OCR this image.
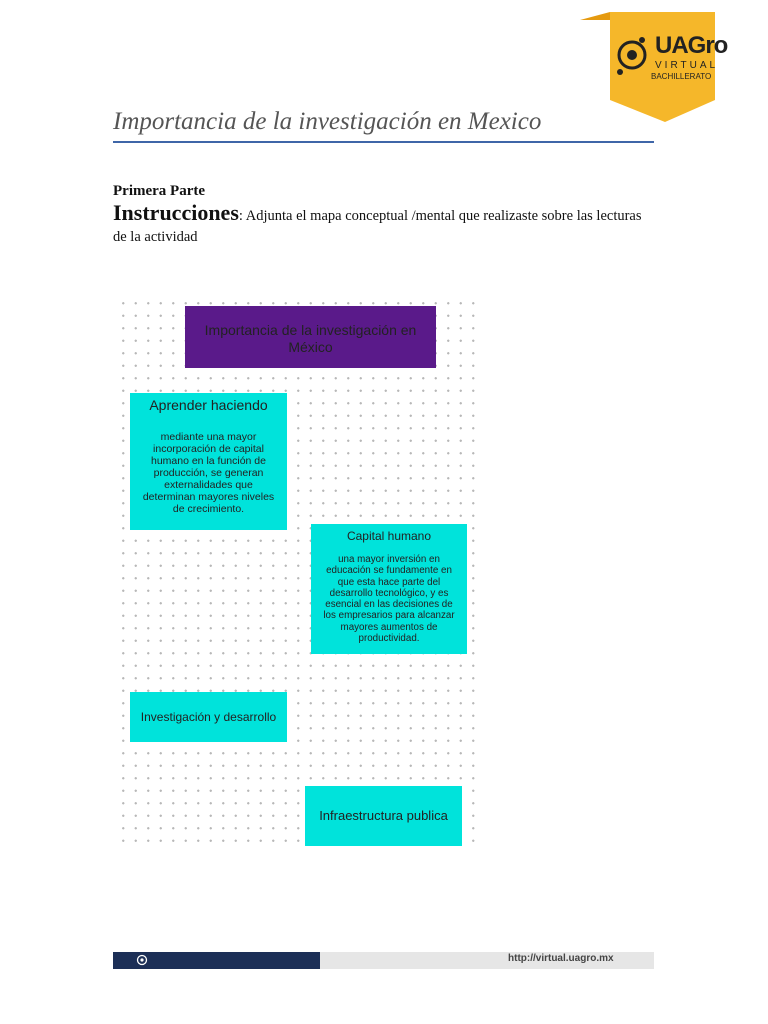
UAGro
VIRTUAL
BACHILLERATO
Importancia de la investigación en Mexico
Primera Parte
Instrucciones: Adjunta el mapa conceptual /mental que realizaste sobre las lecturas de la actividad
Importancia de la investigación en México
Aprender haciendo
mediante una mayor incorporación de capital humano en la función de producción, se generan externalidades que determinan mayores niveles de crecimiento.
Capital humano
una mayor inversión en educación se fundamente en que esta hace parte del desarrollo tecnológico, y es esencial en las decisiones de los empresarios para alcanzar mayores aumentos de productividad.
Investigación y desarrollo
Infraestructura publica
http://virtual.uagro.mx
